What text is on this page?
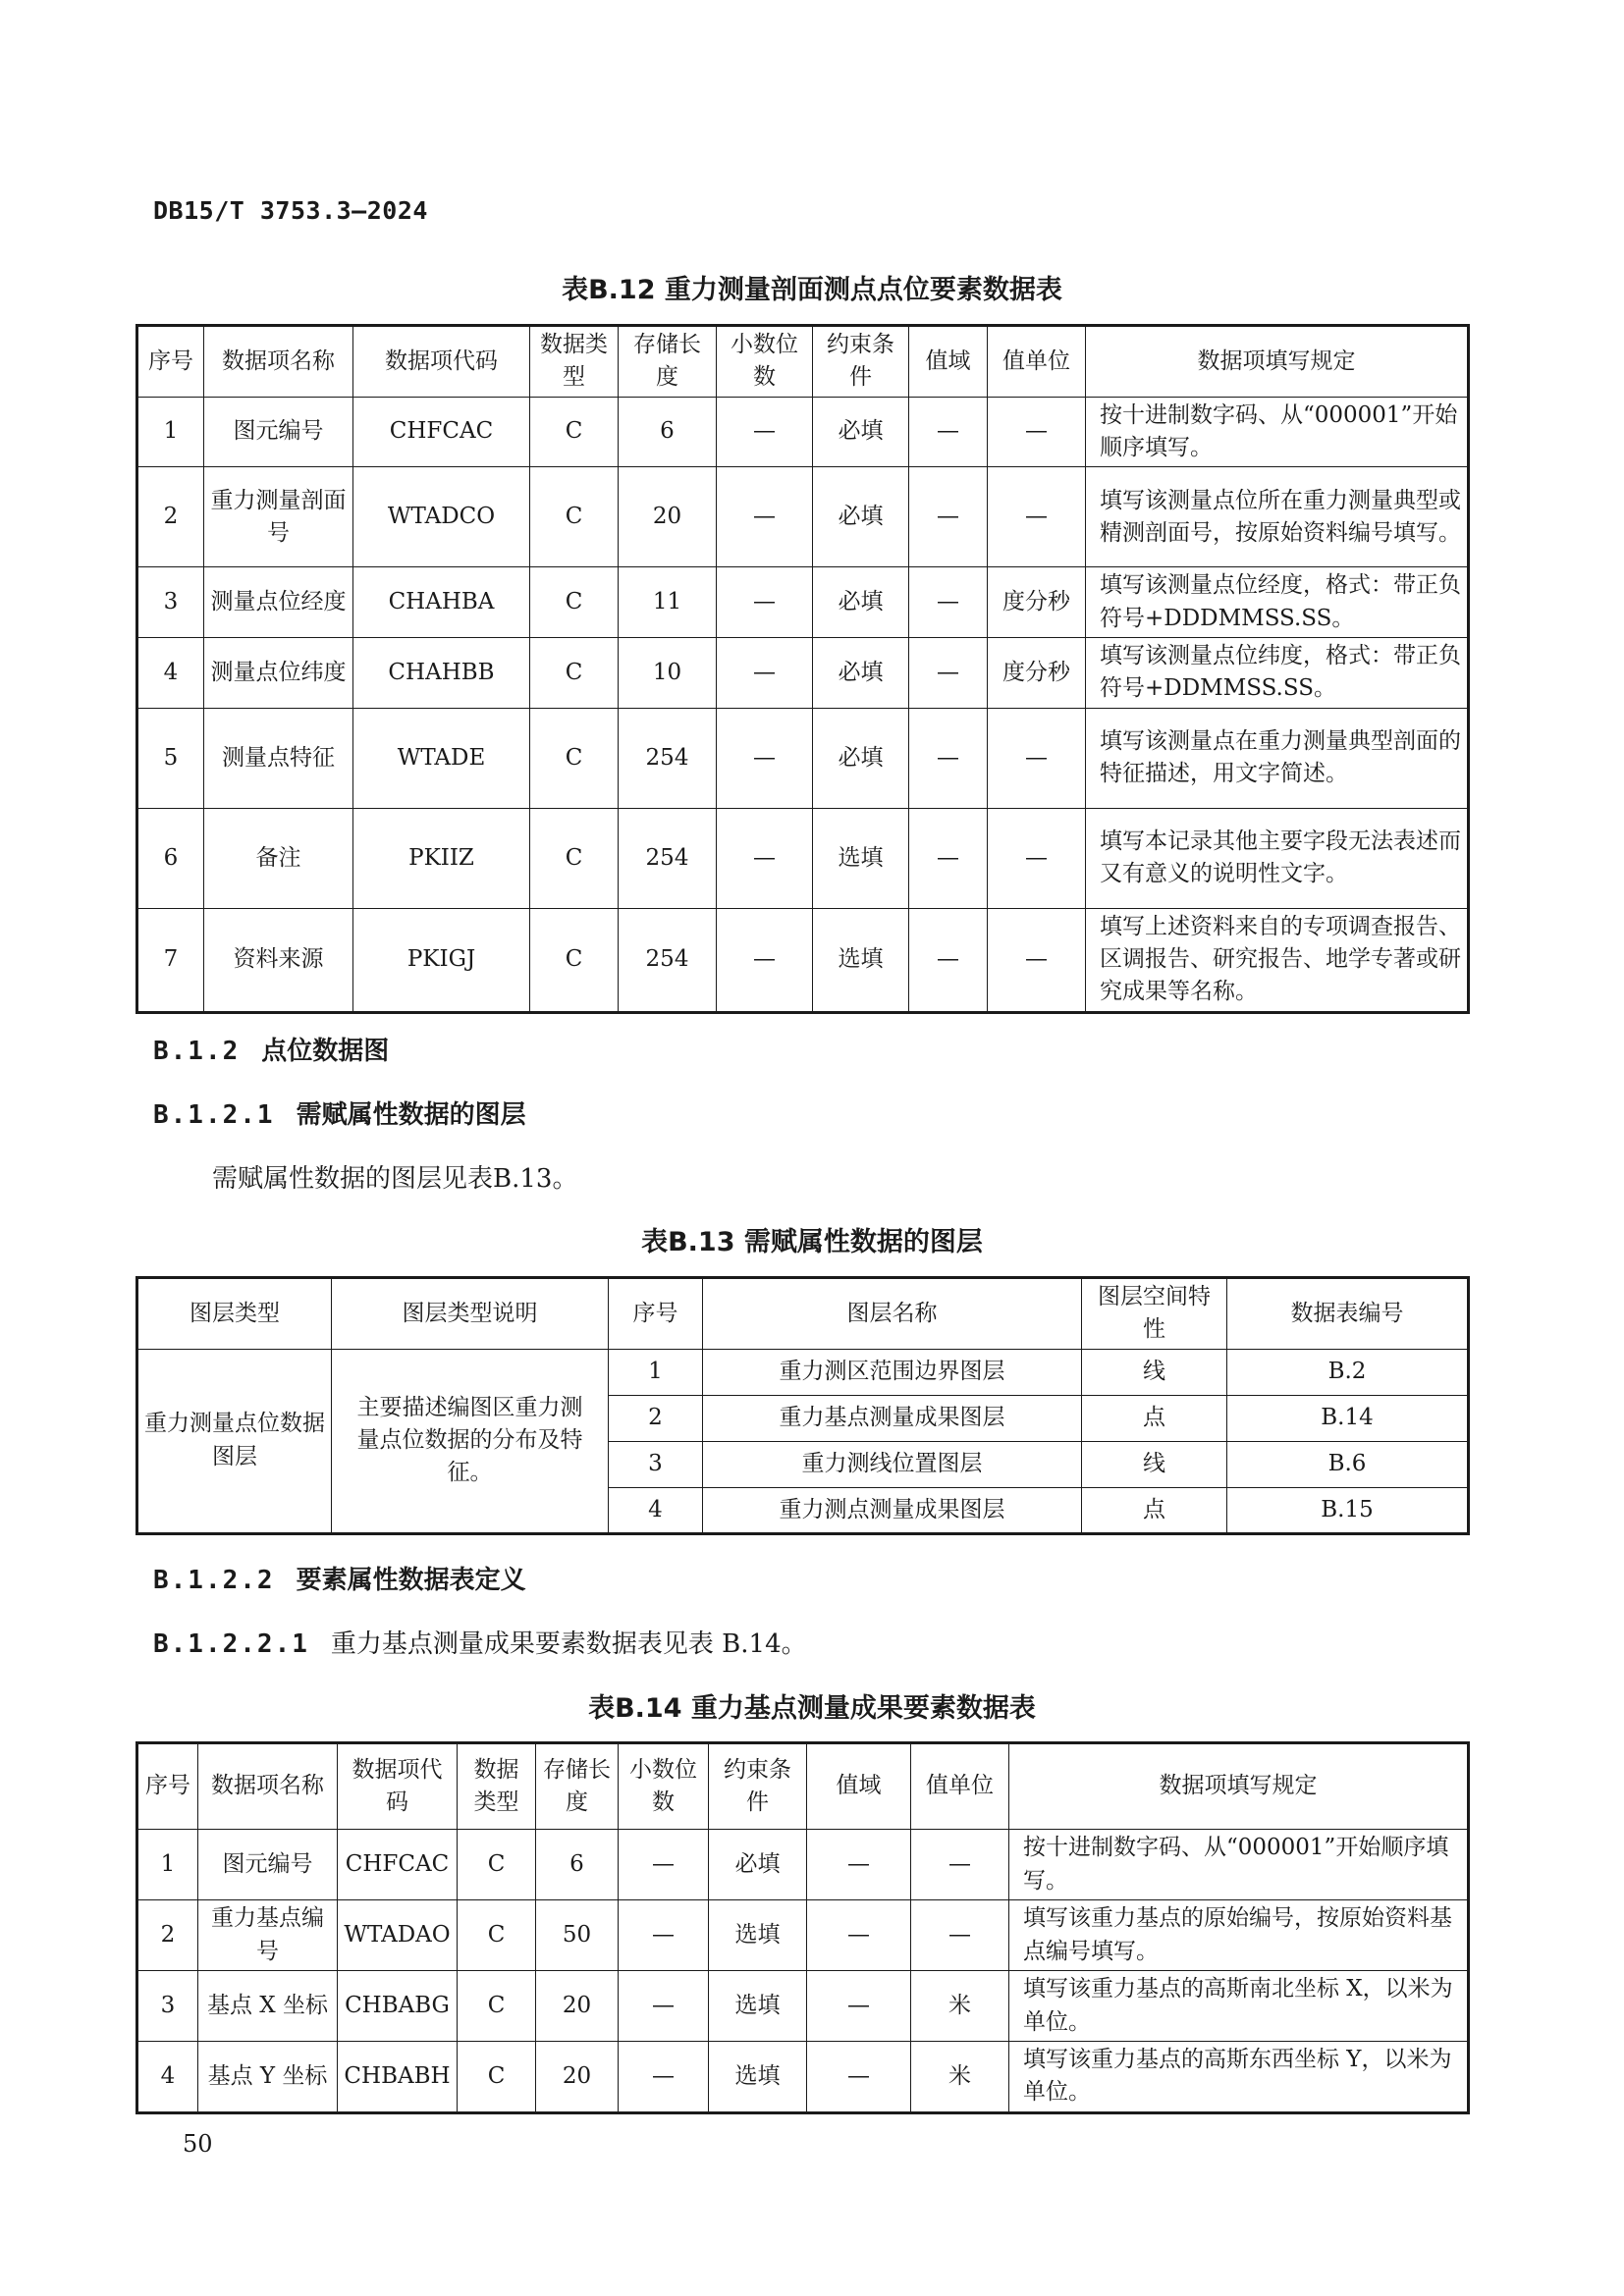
DB15/T 3753.3—2024
表B.12 重力测量剖面测点点位要素数据表
序号	数据项名称	数据项代码	数据类型	存储长度	小数位数	约束条件	值域	值单位	数据项填写规定
1	图元编号	CHFCAC	C	6	—	必填	—	—	按十进制数字码、从“000001”开始顺序填写。
2	重力测量剖面号	WTADCO	C	20	—	必填	—	—	填写该测量点位所在重力测量典型或精测剖面号，按原始资料编号填写。
3	测量点位经度	CHAHBA	C	11	—	必填	—	度分秒	填写该测量点位经度，格式：带正负符号+DDDMMSS.SS。
4	测量点位纬度	CHAHBB	C	10	—	必填	—	度分秒	填写该测量点位纬度，格式：带正负符号+DDMMSS.SS。
5	测量点特征	WTADE	C	254	—	必填	—	—	填写该测量点在重力测量典型剖面的特征描述，用文字简述。
6	备注	PKIIZ	C	254	—	选填	—	—	填写本记录其他主要字段无法表述而又有意义的说明性文字。
7	资料来源	PKIGJ	C	254	—	选填	—	—	填写上述资料来自的专项调查报告、区调报告、研究报告、地学专著或研究成果等名称。
B.1.2 点位数据图
B.1.2.1 需赋属性数据的图层
需赋属性数据的图层见表B.13。
表B.13 需赋属性数据的图层
图层类型	图层类型说明	序号	图层名称	图层空间特性	数据表编号
重力测量点位数据图层	主要描述编图区重力测量点位数据的分布及特征。	1	重力测区范围边界图层	线	B.2
		2	重力基点测量成果图层	点	B.14
		3	重力测线位置图层	线	B.6
		4	重力测点测量成果图层	点	B.15
B.1.2.2 要素属性数据表定义
B.1.2.2.1 重力基点测量成果要素数据表见表 B.14。
表B.14 重力基点测量成果要素数据表
序号	数据项名称	数据项代码	数据类型	存储长度	小数位数	约束条件	值域	值单位	数据项填写规定
1	图元编号	CHFCAC	C	6	—	必填	—	—	按十进制数字码、从“000001”开始顺序填写。
2	重力基点编号	WTADAO	C	50	—	选填	—	—	填写该重力基点的原始编号，按原始资料基点编号填写。
3	基点 X 坐标	CHBABG	C	20	—	选填	—	米	填写该重力基点的高斯南北坐标 X，以米为单位。
4	基点 Y 坐标	CHBABH	C	20	—	选填	—	米	填写该重力基点的高斯东西坐标 Y，以米为单位。
50
